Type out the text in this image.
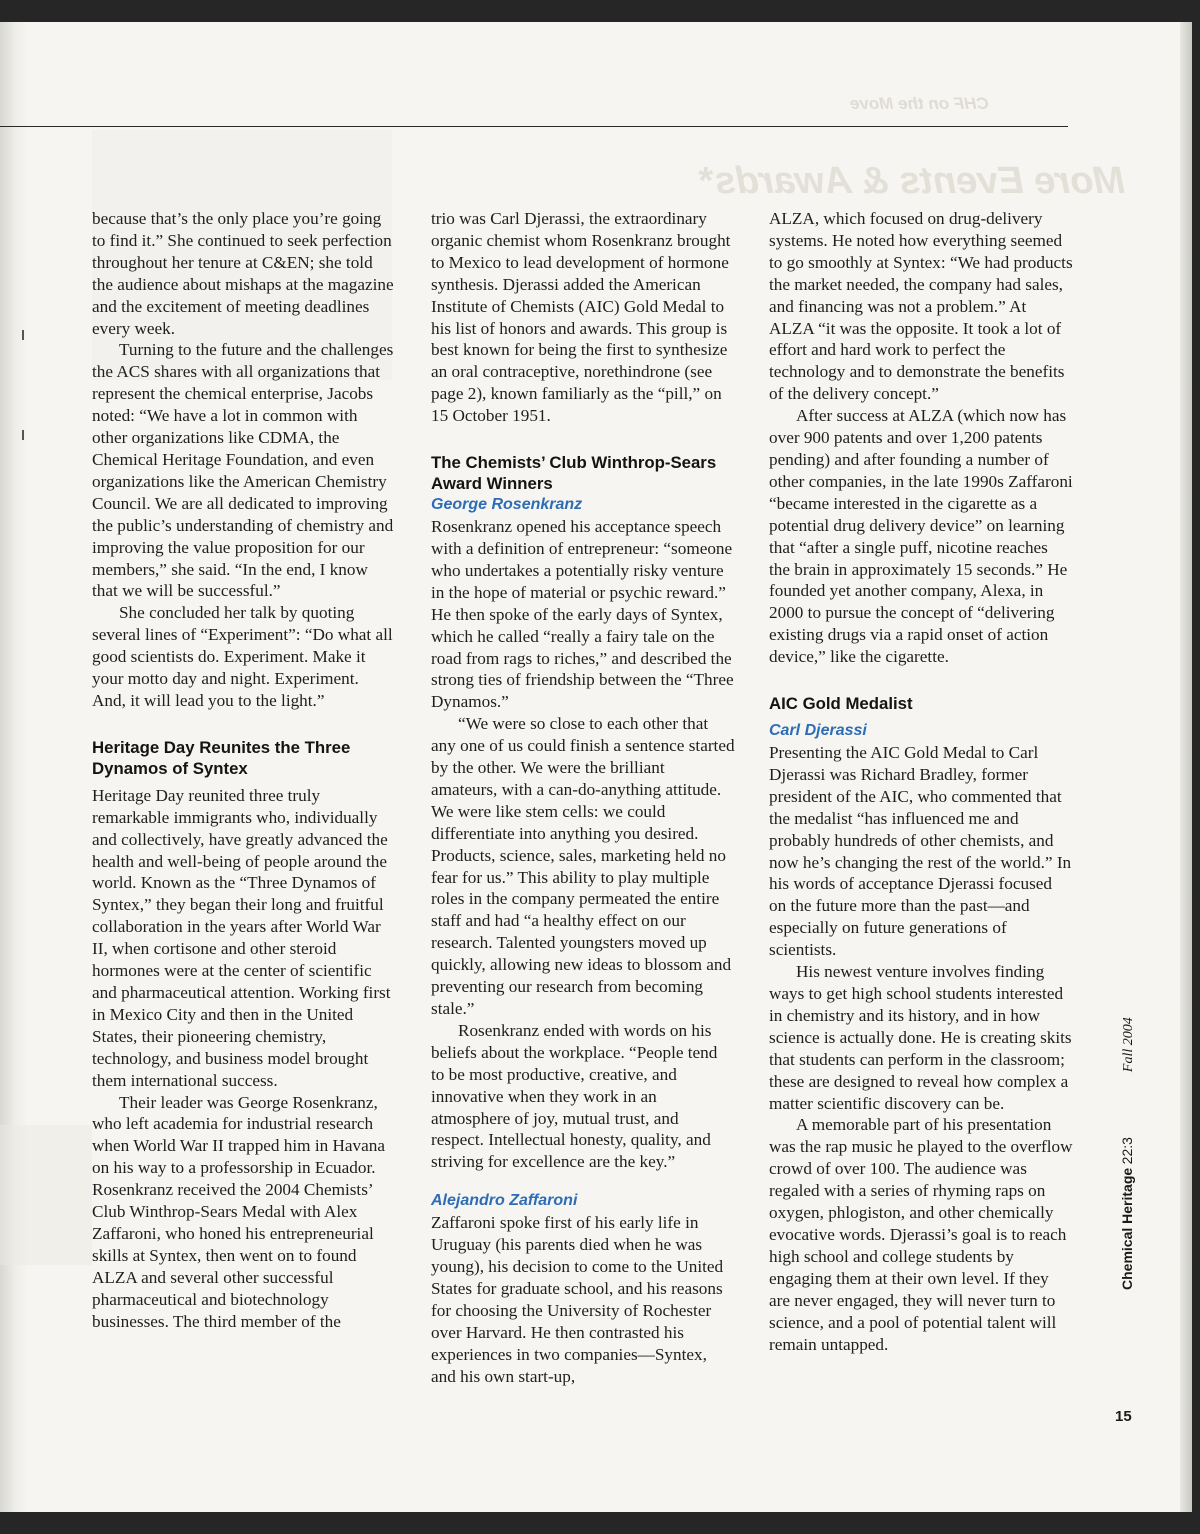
CHF on the Move
More Events & Awards*

because that’s the only place you’re going to find it.” She continued to seek perfection throughout her tenure at C&EN; she told the audience about mishaps at the magazine and the excitement of meeting deadlines every week.

Turning to the future and the challenges the ACS shares with all organizations that represent the chemical enterprise, Jacobs noted: “We have a lot in common with other organizations like CDMA, the Chemical Heritage Foundation, and even organizations like the American Chemistry Council. We are all dedicated to improving the public’s understanding of chemistry and improving the value proposition for our members,” she said. “In the end, I know that we will be successful.”

She concluded her talk by quoting several lines of “Experiment”: “Do what all good scientists do. Experiment. Make it your motto day and night. Experiment. And, it will lead you to the light.”

Heritage Day Reunites the Three Dynamos of Syntex

Heritage Day reunited three truly remarkable immigrants who, individually and collectively, have greatly advanced the health and well-being of people around the world. Known as the “Three Dynamos of Syntex,” they began their long and fruitful collaboration in the years after World War II, when cortisone and other steroid hormones were at the center of scientific and pharmaceutical attention. Working first in Mexico City and then in the United States, their pioneering chemistry, technology, and business model brought them international success.

Their leader was George Rosenkranz, who left academia for industrial research when World War II trapped him in Havana on his way to a professorship in Ecuador. Rosenkranz received the 2004 Chemists’ Club Winthrop-Sears Medal with Alex Zaffaroni, who honed his entrepreneurial skills at Syntex, then went on to found ALZA and several other successful pharmaceutical and biotechnology businesses. The third member of the

trio was Carl Djerassi, the extraordinary organic chemist whom Rosenkranz brought to Mexico to lead development of hormone synthesis. Djerassi added the American Institute of Chemists (AIC) Gold Medal to his list of honors and awards. This group is best known for being the first to synthesize an oral contraceptive, norethindrone (see page 2), known familiarly as the “pill,” on 15 October 1951.

The Chemists’ Club Winthrop-Sears Award Winners
George Rosenkranz

Rosenkranz opened his acceptance speech with a definition of entrepreneur: “someone who undertakes a potentially risky venture in the hope of material or psychic reward.” He then spoke of the early days of Syntex, which he called “really a fairy tale on the road from rags to riches,” and described the strong ties of friendship between the “Three Dynamos.”

“We were so close to each other that any one of us could finish a sentence started by the other. We were the brilliant amateurs, with a can-do-anything attitude. We were like stem cells: we could differentiate into anything you desired. Products, science, sales, marketing held no fear for us.” This ability to play multiple roles in the company permeated the entire staff and had “a healthy effect on our research. Talented youngsters moved up quickly, allowing new ideas to blossom and preventing our research from becoming stale.”

Rosenkranz ended with words on his beliefs about the workplace. “People tend to be most productive, creative, and innovative when they work in an atmosphere of joy, mutual trust, and respect. Intellectual honesty, quality, and striving for excellence are the key.”

Alejandro Zaffaroni

Zaffaroni spoke first of his early life in Uruguay (his parents died when he was young), his decision to come to the United States for graduate school, and his reasons for choosing the University of Rochester over Harvard. He then contrasted his experiences in two companies—Syntex, and his own start-up,

ALZA, which focused on drug-delivery systems. He noted how everything seemed to go smoothly at Syntex: “We had products the market needed, the company had sales, and financing was not a problem.” At ALZA “it was the opposite. It took a lot of effort and hard work to perfect the technology and to demonstrate the benefits of the delivery concept.”

After success at ALZA (which now has over 900 patents and over 1,200 patents pending) and after founding a number of other companies, in the late 1990s Zaffaroni “became interested in the cigarette as a potential drug delivery device” on learning that “after a single puff, nicotine reaches the brain in approximately 15 seconds.” He founded yet another company, Alexa, in 2000 to pursue the concept of “delivering existing drugs via a rapid onset of action device,” like the cigarette.

AIC Gold Medalist
Carl Djerassi

Presenting the AIC Gold Medal to Carl Djerassi was Richard Bradley, former president of the AIC, who commented that the medalist “has influenced me and probably hundreds of other chemists, and now he’s changing the rest of the world.” In his words of acceptance Djerassi focused on the future more than the past—and especially on future generations of scientists.

His newest venture involves finding ways to get high school students interested in chemistry and its history, and in how science is actually done. He is creating skits that students can perform in the classroom; these are designed to reveal how complex a matter scientific discovery can be.

A memorable part of his presentation was the rap music he played to the overflow crowd of over 100. The audience was regaled with a series of rhyming raps on oxygen, phlogiston, and other chemically evocative words. Djerassi’s goal is to reach high school and college students by engaging them at their own level. If they are never engaged, they will never turn to science, and a pool of potential talent will remain untapped.

Chemical Heritage 22:3  Fall 2004
15
